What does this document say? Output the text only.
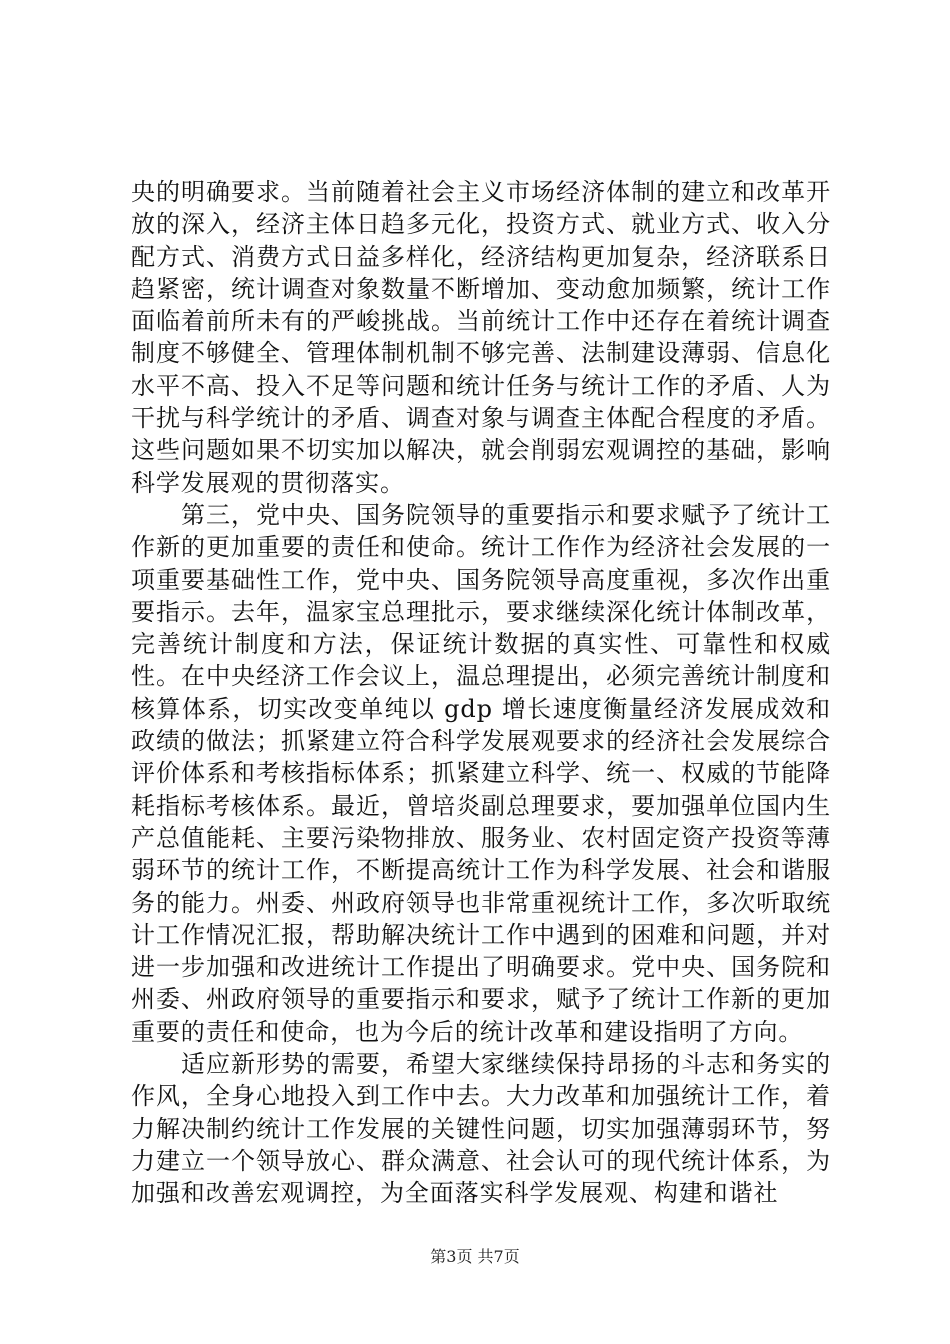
央的明确要求。当前随着社会主义市场经济体制的建立和改革开放的深入，经济主体日趋多元化，投资方式、就业方式、收入分配方式、消费方式日益多样化，经济结构更加复杂，经济联系日趋紧密，统计调查对象数量不断增加、变动愈加频繁，统计工作面临着前所未有的严峻挑战。当前统计工作中还存在着统计调查制度不够健全、管理体制机制不够完善、法制建设薄弱、信息化水平不高、投入不足等问题和统计任务与统计工作的矛盾、人为干扰与科学统计的矛盾、调查对象与调查主体配合程度的矛盾。这些问题如果不切实加以解决，就会削弱宏观调控的基础，影响科学发展观的贯彻落实。

第三，党中央、国务院领导的重要指示和要求赋予了统计工作新的更加重要的责任和使命。统计工作作为经济社会发展的一项重要基础性工作，党中央、国务院领导高度重视，多次作出重要指示。去年，温家宝总理批示，要求继续深化统计体制改革，完善统计制度和方法，保证统计数据的真实性、可靠性和权威性。在中央经济工作会议上，温总理提出，必须完善统计制度和核算体系，切实改变单纯以 gdp 增长速度衡量经济发展成效和政绩的做法；抓紧建立符合科学发展观要求的经济社会发展综合评价体系和考核指标体系；抓紧建立科学、统一、权威的节能降耗指标考核体系。最近，曾培炎副总理要求，要加强单位国内生产总值能耗、主要污染物排放、服务业、农村固定资产投资等薄弱环节的统计工作，不断提高统计工作为科学发展、社会和谐服务的能力。州委、州政府领导也非常重视统计工作，多次听取统计工作情况汇报，帮助解决统计工作中遇到的困难和问题，并对进一步加强和改进统计工作提出了明确要求。党中央、国务院和州委、州政府领导的重要指示和要求，赋予了统计工作新的更加重要的责任和使命，也为今后的统计改革和建设指明了方向。

适应新形势的需要，希望大家继续保持昂扬的斗志和务实的作风，全身心地投入到工作中去。大力改革和加强统计工作，着力解决制约统计工作发展的关键性问题，切实加强薄弱环节，努力建立一个领导放心、群众满意、社会认可的现代统计体系，为加强和改善宏观调控，为全面落实科学发展观、构建和谐社

第3页 共7页
